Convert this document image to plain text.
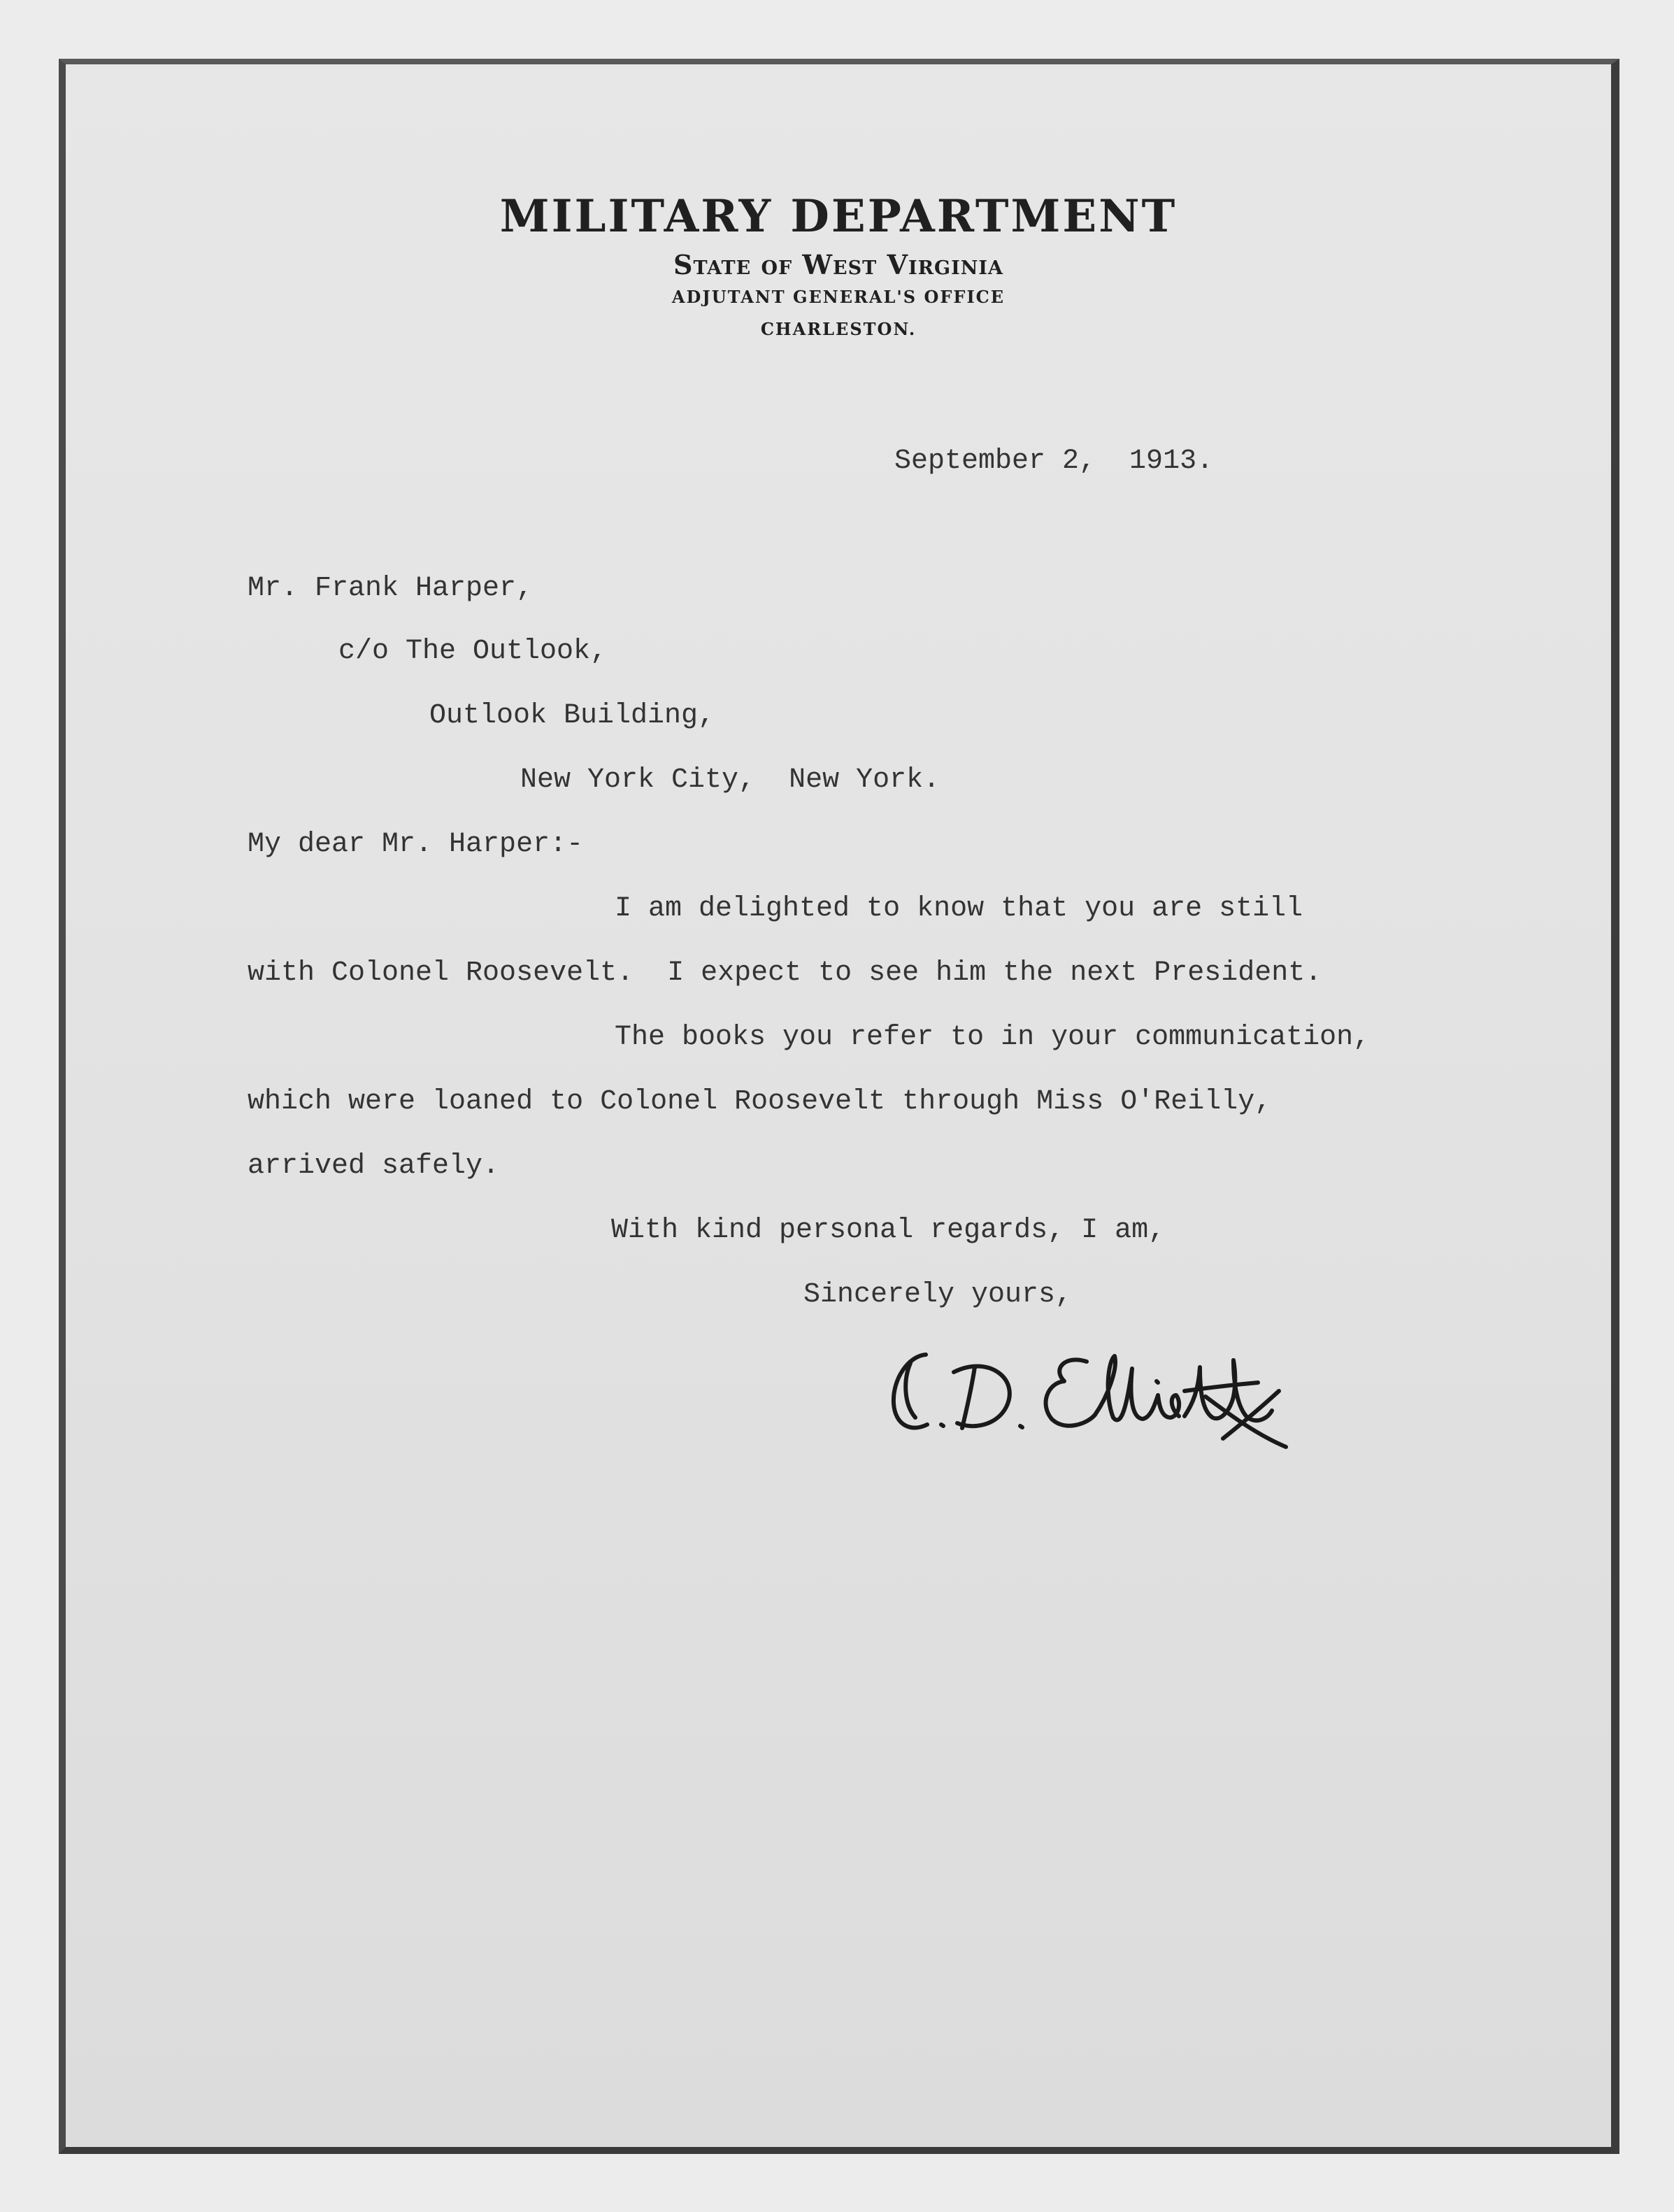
MILITARY DEPARTMENT
State of West Virginia
ADJUTANT GENERAL'S OFFICE
CHARLESTON.
September 2,  1913.
Mr. Frank Harper,
c/o The Outlook,
Outlook Building,
New York City,  New York.
My dear Mr. Harper:-
I am delighted to know that you are still
with Colonel Roosevelt.  I expect to see him the next President.
The books you refer to in your communication,
which were loaned to Colonel Roosevelt through Miss O'Reilly,
arrived safely.
With kind personal regards, I am,
Sincerely yours,
